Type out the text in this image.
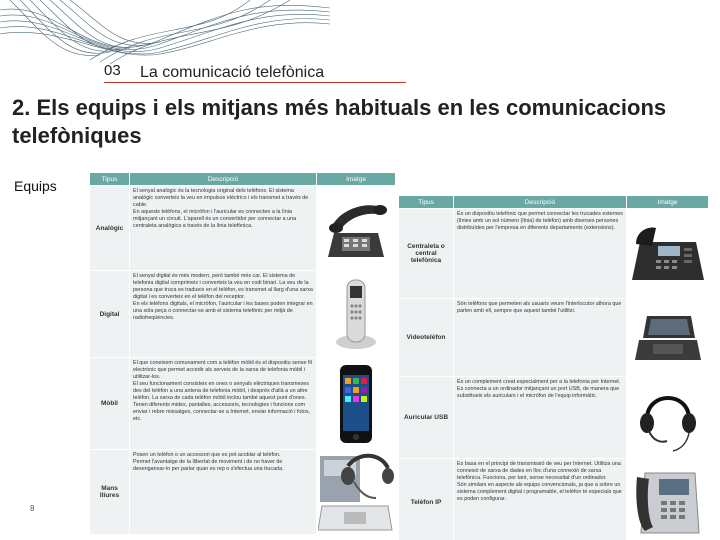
03 La comunicació telefònica
2. Els equips i els mitjans més habituals en les comunicacions telefòniques
Equips
8
Tipus	Descripció	Imatge
Analògic	El senyal analògic és la tecnologia original dels telèfons. El sistema analògic converteix la veu en impulsos elèctrics i els transmet a través de cable.
En aquests telèfons, el micròfon i l'auricular es connecten a la línia mitjançant un circuit. L'aparell és un convertidor per connectar a una centraleta analògica a través de la línia telefònica.	

Digital	El senyal digital és més modern, però també més car. El sistema de telefonia digital comprimeix i converteix la veu en codi binari. La veu de la persona que truca es tradueix en el telèfon, es transmet al llarg d'una xarxa digital i es converteix en el telèfon del receptor.
En els telèfons digitals, el micròfon, l'auricular i les bases poden integrar en una sola peça o connectar-se amb el sistema telefònic per mitjà de radiofreqüències.	

Mòbil	El que coneixem comunament com a telèfon mòbil és el dispositiu sense fil electrònic que permet accedir als serveis de la xarxa de telefonia mòbil i utilitzar-los.
El seu funcionament consisteix en ones o senyals elèctriques transmeses des del telèfon a una antena de telefonia mòbil, i després d'allà a un altre telèfon. La xarxa de cada telèfon mòbil inclou també aquest punt d'ones.
Tenen diferents mides, pantalles, accessoris, tecnologies i funcions com enviar i rebre missatges, connectar-se a Internet, enviar informació i fotos, etc.	

Mans lliures	Posen un telèfon o un accessori que es pot acoblar al telèfon.
Permet l'avantatge de la llibertat de moviment i de no haver de desenganxar-lo per parlar quan es rep o s'efectua una trucada.	
Tipus	Descripció	Imatge
Centraleta o central telefònica	És un dispositiu telefònic que permet connectar les trucades externes (línies amb un sol número (línia) de telèfon) amb diverses persones distribuïdes per l'empresa en diferents departaments (extensions).	

Videotelèfon	Són telèfons que permeten als usuaris veure l'interlocutor alhora que parlen amb ell, sempre que aquest també l'utilitzi.	

Auricular USB	És un complement creat especialment per a la telefonia per Internet. Es connecta a un ordinador mitjançant un port USB, de manera que substitueix els auriculars i el micròfon de l'equip informàtic.	

Telèfon IP	Es basa en el principi de transmissió de veu per Internet. Utilitza una connexió de xarxa de dades en lloc d'una connexió de xarxa telefònica. Funciona, per tant, sense necessitat d'un ordinador.
Són similars en aspecte als equips convencionals, ja que a sobre un sistema complement digital i programable, el telèfon té especials que es poden configurar.	
